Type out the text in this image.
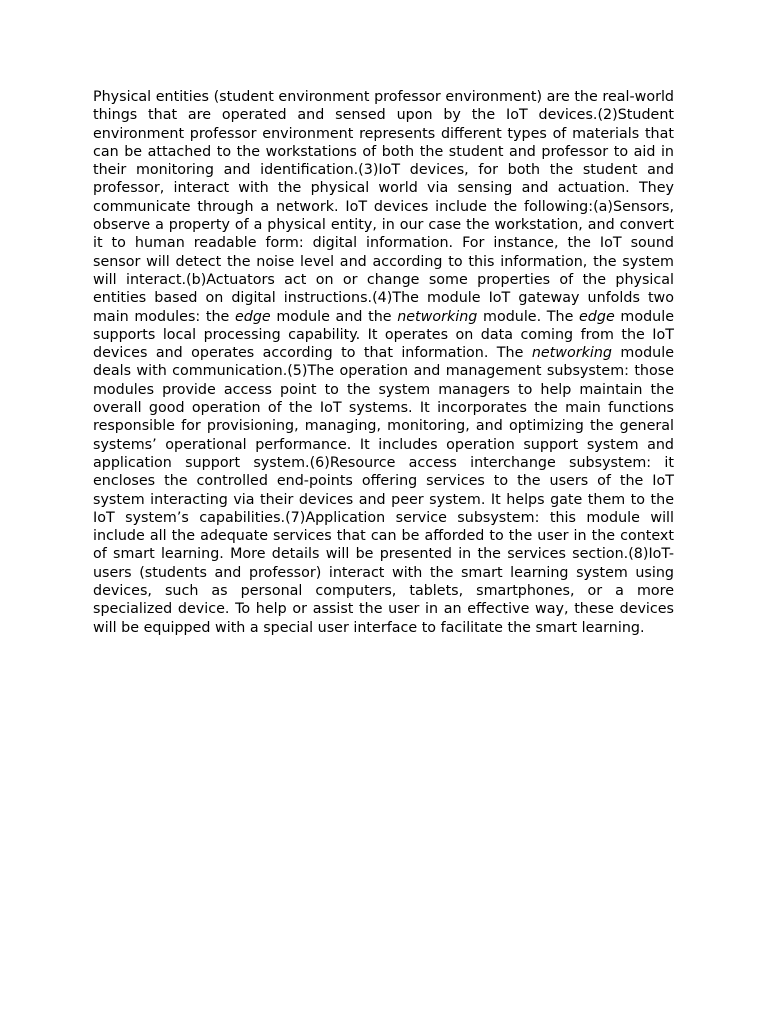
Physical entities (student environment professor environment) are the real-world things that are operated and sensed upon by the IoT devices.(2)Student environment professor environment represents different types of materials that can be attached to the workstations of both the student and professor to aid in their monitoring and identification.(3)IoT devices, for both the student and professor, interact with the physical world via sensing and actuation. They communicate through a network. IoT devices include the following:(a)Sensors, observe a property of a physical entity, in our case the workstation, and convert it to human readable form: digital information. For instance, the IoT sound sensor will detect the noise level and according to this information, the system will interact.(b)Actuators act on or change some properties of the physical entities based on digital instructions.(4)The module IoT gateway unfolds two main modules: the edge module and the networking module. The edge module supports local processing capability. It operates on data coming from the IoT devices and operates according to that information. The networking module deals with communication.(5)The operation and management subsystem: those modules provide access point to the system managers to help maintain the overall good operation of the IoT systems. It incorporates the main functions responsible for provisioning, managing, monitoring, and optimizing the general systems’ operational performance. It includes operation support system and application support system.(6)Resource access interchange subsystem: it encloses the controlled end-points offering services to the users of the IoT system interacting via their devices and peer system. It helps gate them to the IoT system’s capabilities.(7)Application service subsystem: this module will include all the adequate services that can be afforded to the user in the context of smart learning. More details will be presented in the services section.(8)IoT-users (students and professor) interact with the smart learning system using devices, such as personal computers, tablets, smartphones, or a more specialized device. To help or assist the user in an effective way, these devices will be equipped with a special user interface to facilitate the smart learning.
